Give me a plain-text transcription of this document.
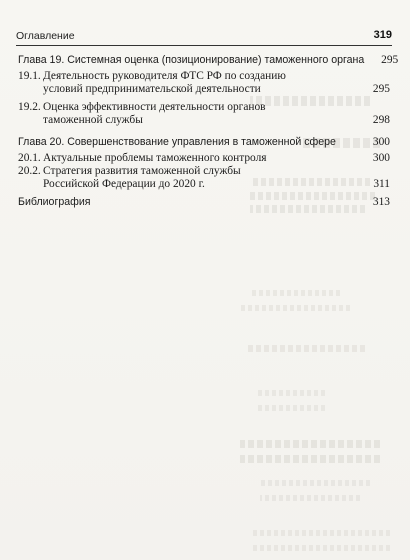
Оглавление	319
Глава 19. Системная оценка (позиционирование) таможенного органа	295
19.1. Деятельность руководителя ФТС РФ по созданию
условий предпринимательской деятельности	295
19.2. Оценка эффективности деятельности органов
таможенной службы	298
Глава 20. Совершенствование управления в таможенной сфере	300
20.1. Актуальные проблемы таможенного контроля	300
20.2. Стратегия развития таможенной службы
Российской Федерации до 2020 г.	311
Библиография	313
